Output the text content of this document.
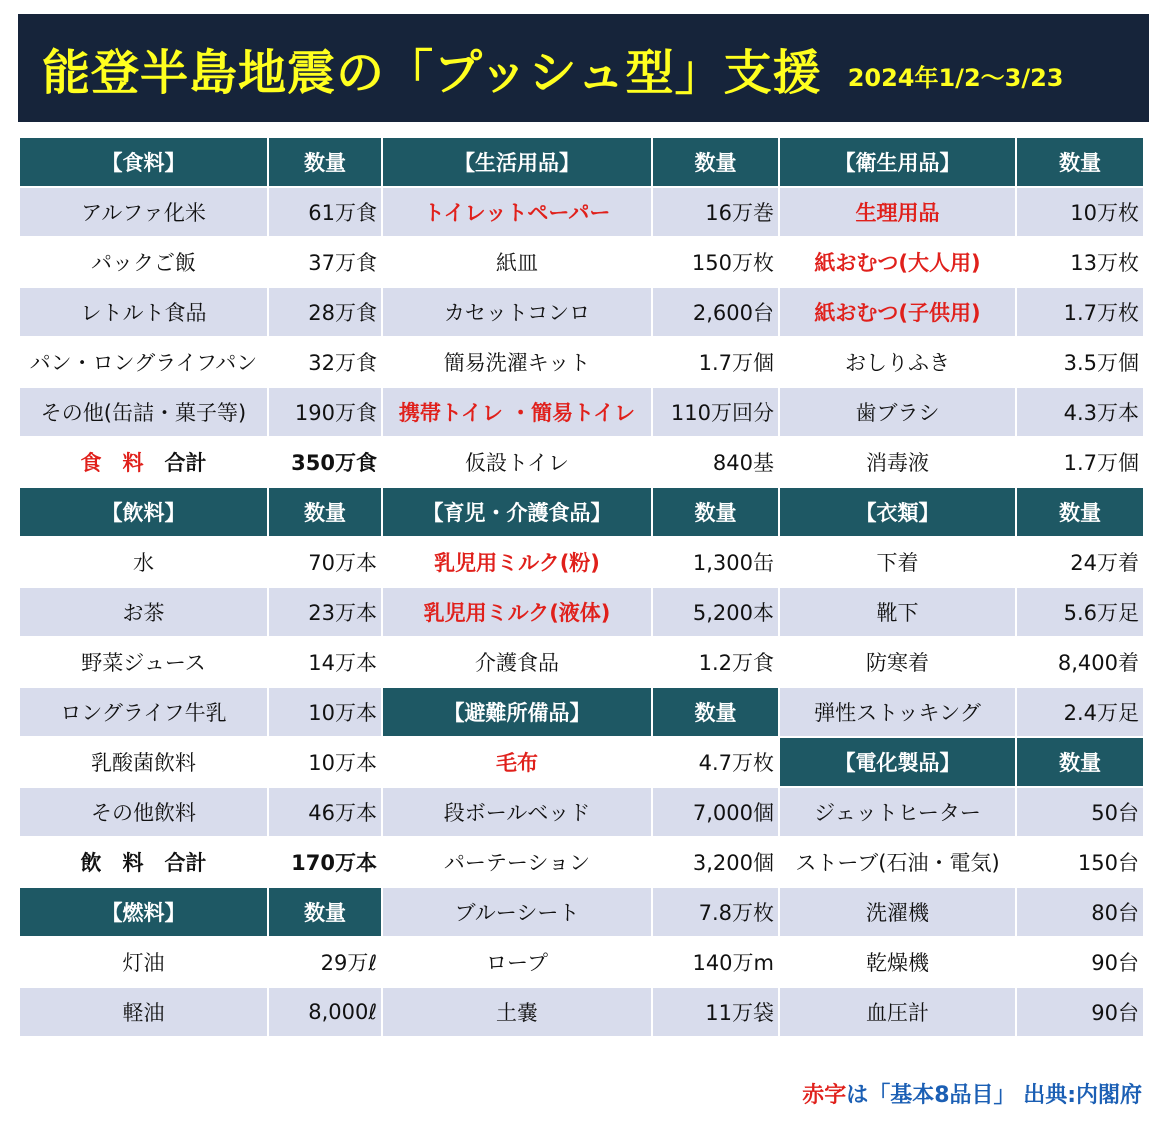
能登半島地震の「プッシュ型」支援 2024年1/2〜3/23
【食料】	数量	【生活用品】	数量	【衛生用品】	数量
アルファ化米	61万食	トイレットペーパー	16万巻	生理用品	10万枚
パックご飯	37万食	紙皿	150万枚	紙おむつ(大人用)	13万枚
レトルト食品	28万食	カセットコンロ	2,600台	紙おむつ(子供用)	1.7万枚
パン・ロングライフパン	32万食	簡易洗濯キット	1.7万個	おしりふき	3.5万個
その他(缶詰・菓子等)	190万食	携帯トイレ ・簡易トイレ	110万回分	歯ブラシ	4.3万本
食　料　合計	350万食	仮設トイレ	840基	消毒液	1.7万個
【飲料】	数量	【育児・介護食品】	数量	【衣類】	数量
水	70万本	乳児用ミルク(粉)	1,300缶	下着	24万着
お茶	23万本	乳児用ミルク(液体)	5,200本	靴下	5.6万足
野菜ジュース	14万本	介護食品	1.2万食	防寒着	8,400着
ロングライフ牛乳	10万本	【避難所備品】	数量	弾性ストッキング	2.4万足
乳酸菌飲料	10万本	毛布	4.7万枚	【電化製品】	数量
その他飲料	46万本	段ボールベッド	7,000個	ジェットヒーター	50台
飲　料　合計	170万本	パーテーション	3,200個	ストーブ(石油・電気)	150台
【燃料】	数量	ブルーシート	7.8万枚	洗濯機	80台
灯油	29万ℓ	ロープ	140万m	乾燥機	90台
軽油	8,000ℓ	土嚢	11万袋	血圧計	90台
赤字は「基本8品目」 出典:内閣府
